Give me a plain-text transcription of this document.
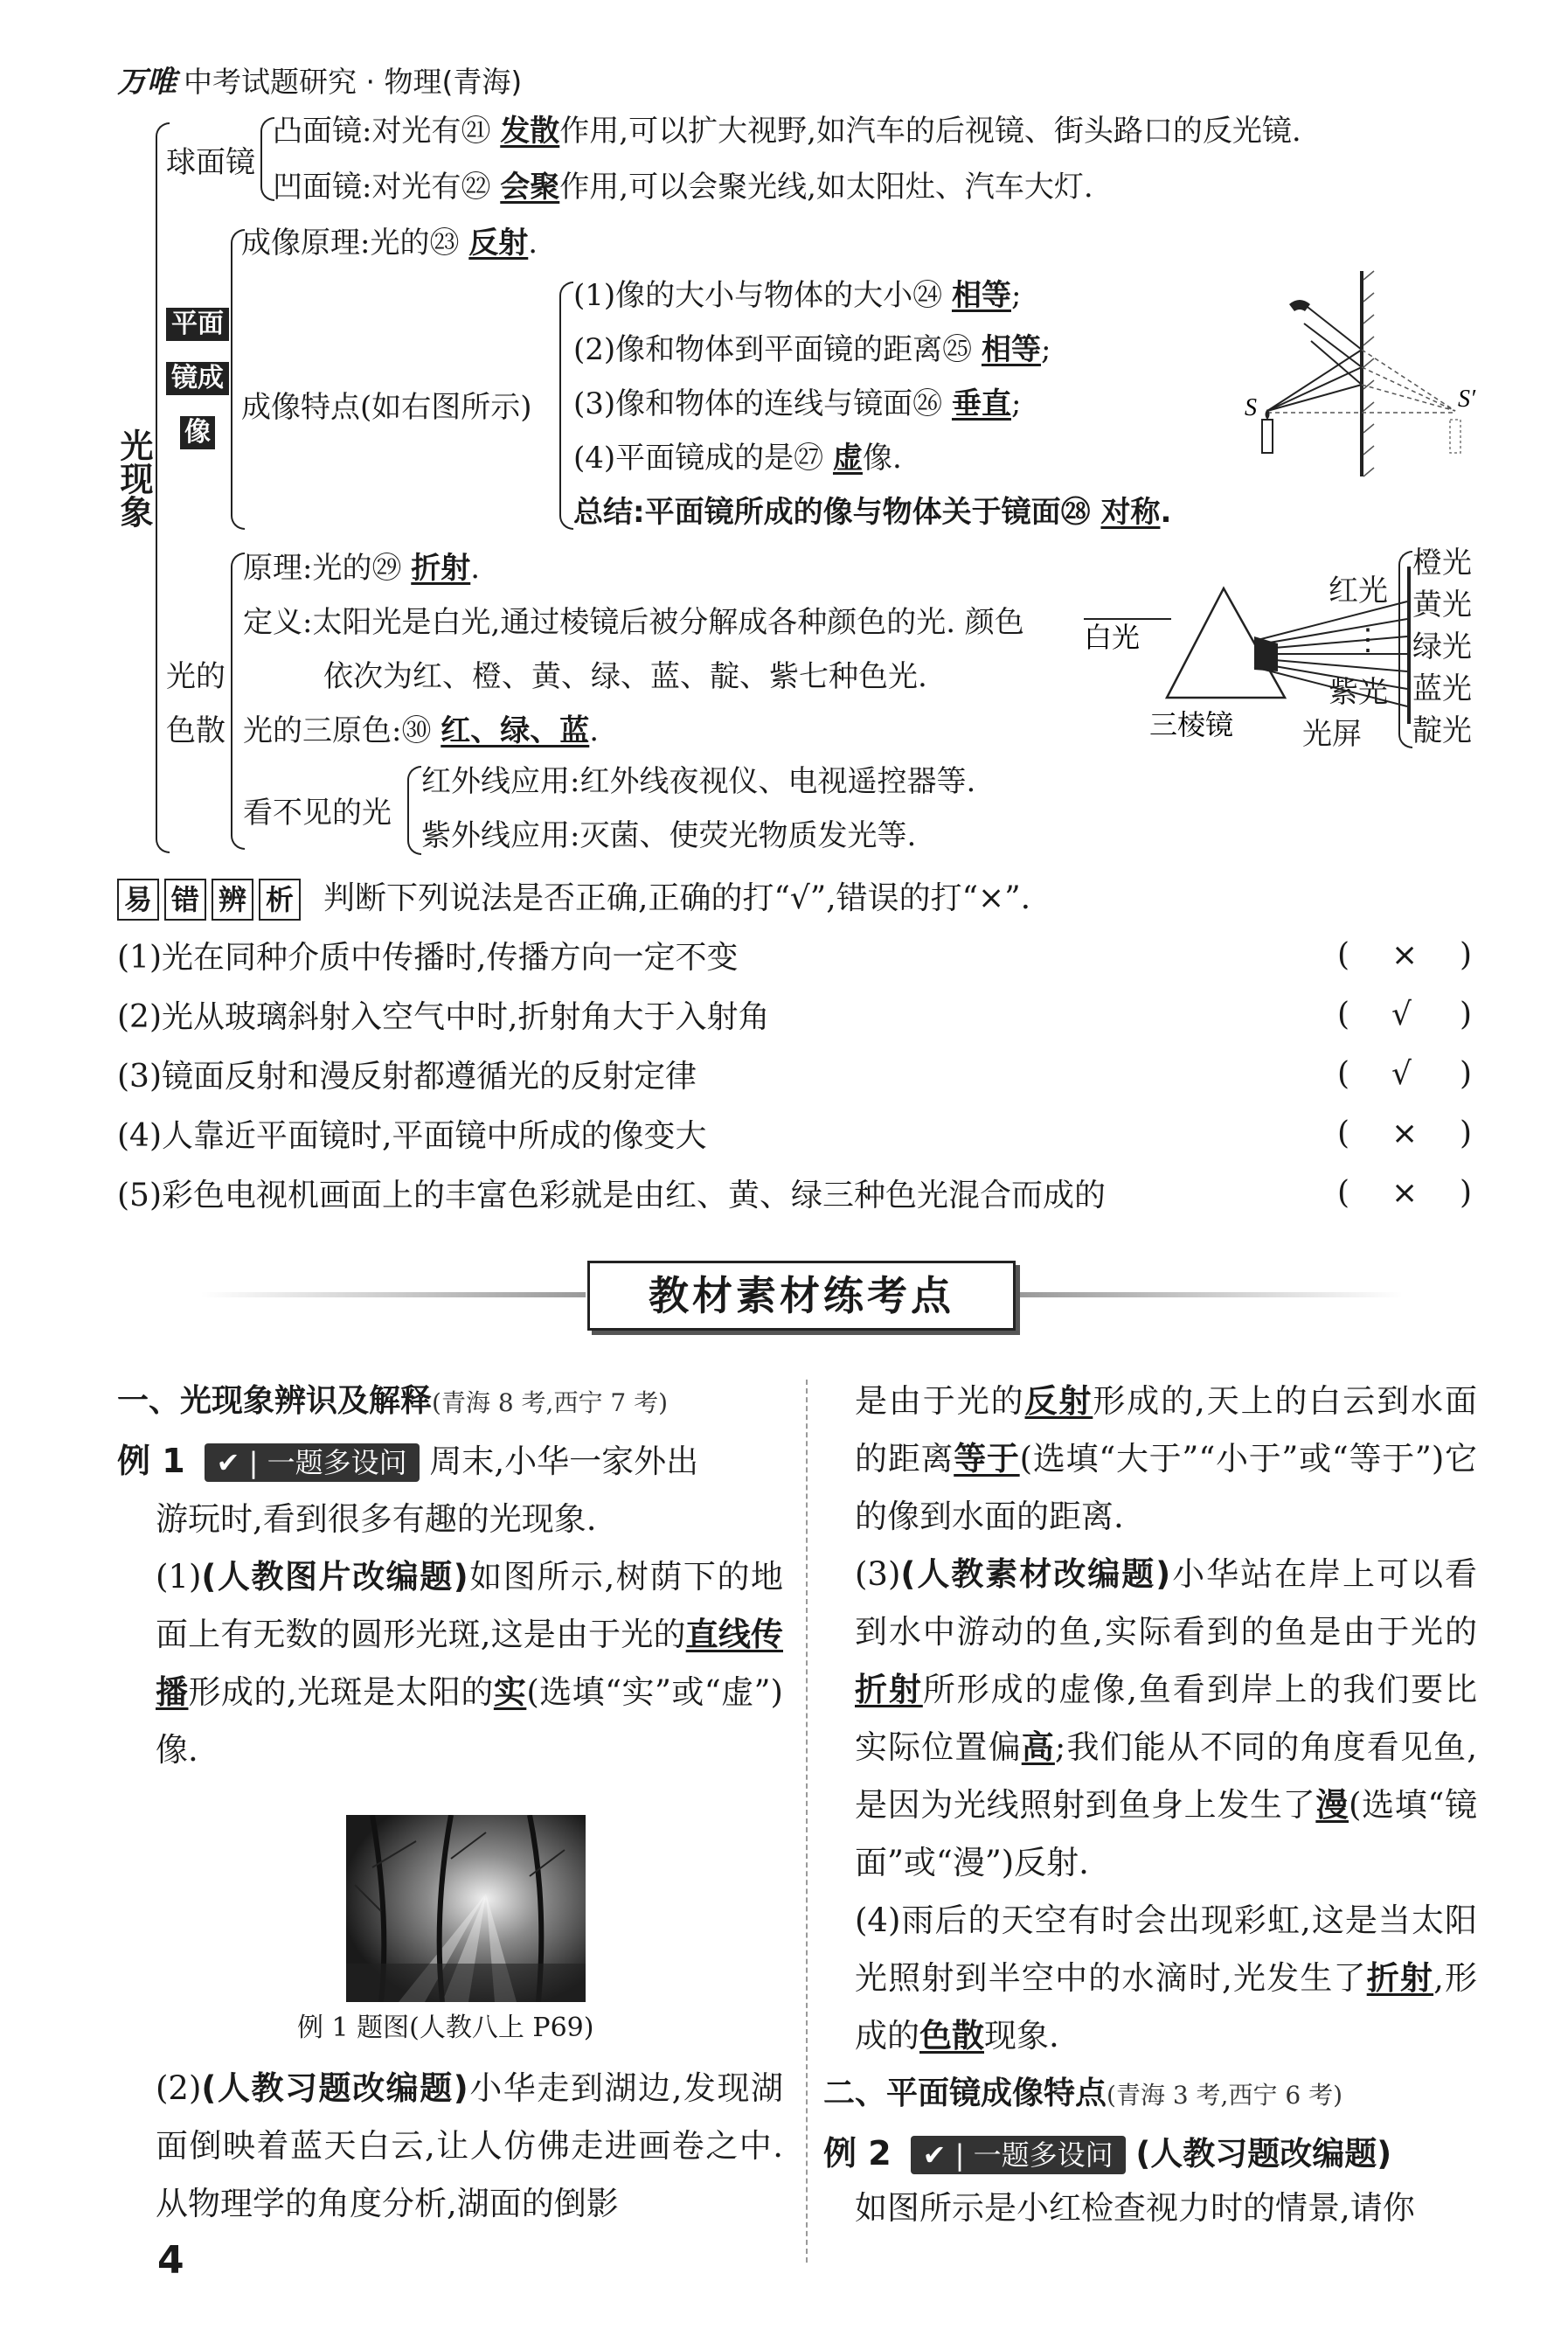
万唯 中考试题研究 · 物理(青海)
光现象
球面镜
凸面镜:对光有㉑ 发散作用,可以扩大视野,如汽车的后视镜、街头路口的反光镜.
凹面镜:对光有㉒ 会聚作用,可以会聚光线,如太阳灶、汽车大灯.
平面
镜成
像
成像原理:光的㉓ 反射.
成像特点(如右图所示)
(1)像的大小与物体的大小㉔ 相等;
(2)像和物体到平面镜的距离㉕ 相等;
(3)像和物体的连线与镜面㉖ 垂直;
(4)平面镜成的是㉗ 虚像.
总结:平面镜所成的像与物体关于镜面㉘ 对称.
S	S′
光的
色散
原理:光的㉙ 折射.
定义:太阳光是白光,通过棱镜后被分解成各种颜色的光. 颜色
依次为红、橙、黄、绿、蓝、靛、紫七种色光.
光的三原色:㉚ 红、绿、蓝.
看不见的光
红外线应用:红外线夜视仪、电视遥控器等.
紫外线应用:灭菌、使荧光物质发光等.
白光
三棱镜
红光
⋮
紫光
光屏
橙光
黄光
绿光
蓝光
靛光
易 错 辨 析 判断下列说法是否正确,正确的打“√”,错误的打“×”.
(1)光在同种介质中传播时,传播方向一定不变	( × )
(2)光从玻璃斜射入空气中时,折射角大于入射角	( √ )
(3)镜面反射和漫反射都遵循光的反射定律	( √ )
(4)人靠近平面镜时,平面镜中所成的像变大	( × )
(5)彩色电视机画面上的丰富色彩就是由红、黄、绿三种色光混合而成的	( × )
教材素材练考点
一、光现象辨识及解释(青海 8 考,西宁 7 考)
例 1 ✔ | 一题多设问 周末,小华一家外出

游玩时,看到很多有趣的光现象.

(1)(人教图片改编题)如图所示,树荫下的地面上有无数的圆形光斑,这是由于光的直线传播形成的,光斑是太阳的实(选填“实”或“虚”)像.

例 1 题图(人教八上 P69)

(2)(人教习题改编题)小华走到湖边,发现湖面倒映着蓝天白云,让人仿佛走进画卷之中. 从物理学的角度分析,湖面的倒影

是由于光的反射形成的,天上的白云到水面的距离等于(选填“大于”“小于”或“等于”)它的像到水面的距离.

(3)(人教素材改编题)小华站在岸上可以看到水中游动的鱼,实际看到的鱼是由于光的折射所形成的虚像,鱼看到岸上的我们要比实际位置偏高;我们能从不同的角度看见鱼,是因为光线照射到鱼身上发生了漫(选填“镜面”或“漫”)反射.

(4)雨后的天空有时会出现彩虹,这是当太阳光照射到半空中的水滴时,光发生了折射,形成的色散现象.

二、平面镜成像特点(青海 3 考,西宁 6 考)
例 2 ✔ | 一题多设问 (人教习题改编题)
如图所示是小红检查视力时的情景,请你
4
